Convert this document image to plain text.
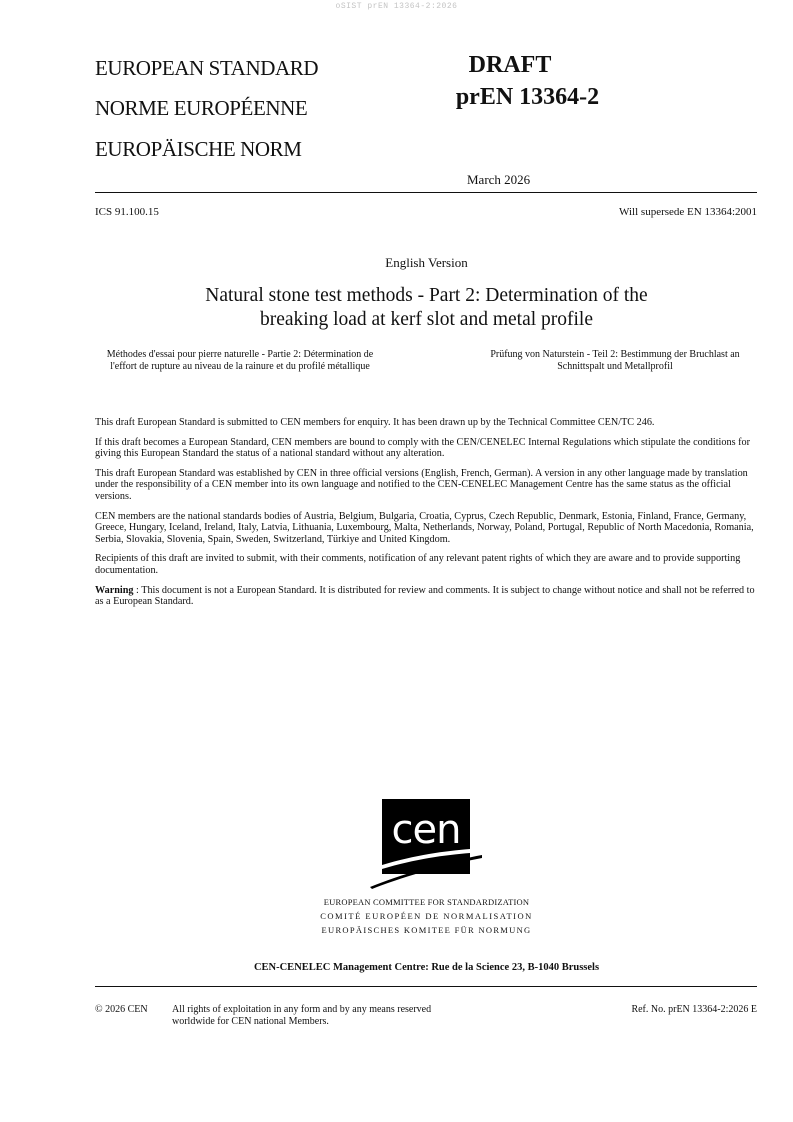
oSIST prEN 13364-2:2026
EUROPEAN STANDARD
NORME EUROPÉENNE
EUROPÄISCHE NORM
DRAFT
prEN 13364-2
March 2026
ICS 91.100.15	Will supersede EN 13364:2001
English Version
Natural stone test methods - Part 2: Determination of the
breaking load at kerf slot and metal profile
Méthodes d'essai pour pierre naturelle - Partie 2: Détermination de l'effort de rupture au niveau de la rainure et du profilé métallique
Prüfung von Naturstein - Teil 2: Bestimmung der Bruchlast an Schnittspalt und Metallprofil

This draft European Standard is submitted to CEN members for enquiry. It has been drawn up by the Technical Committee CEN/TC 246.

If this draft becomes a European Standard, CEN members are bound to comply with the CEN/CENELEC Internal Regulations which stipulate the conditions for giving this European Standard the status of a national standard without any alteration.

This draft European Standard was established by CEN in three official versions (English, French, German). A version in any other language made by translation under the responsibility of a CEN member into its own language and notified to the CEN-CENELEC Management Centre has the same status as the official versions.

CEN members are the national standards bodies of Austria, Belgium, Bulgaria, Croatia, Cyprus, Czech Republic, Denmark, Estonia, Finland, France, Germany, Greece, Hungary, Iceland, Ireland, Italy, Latvia, Lithuania, Luxembourg, Malta, Netherlands, Norway, Poland, Portugal, Republic of North Macedonia, Romania, Serbia, Slovakia, Slovenia, Spain, Sweden, Switzerland, Türkiye and United Kingdom.

Recipients of this draft are invited to submit, with their comments, notification of any relevant patent rights of which they are aware and to provide supporting documentation.

Warning : This document is not a European Standard. It is distributed for review and comments. It is subject to change without notice and shall not be referred to as a European Standard.

cen
EUROPEAN COMMITTEE FOR STANDARDIZATION
COMITÉ EUROPÉEN DE NORMALISATION
EUROPÄISCHES KOMITEE FÜR NORMUNG
CEN-CENELEC Management Centre: Rue de la Science 23, B-1040 Brussels
© 2026 CEN All rights of exploitation in any form and by any means reserved
worldwide for CEN national Members.
Ref. No. prEN 13364-2:2026 E
